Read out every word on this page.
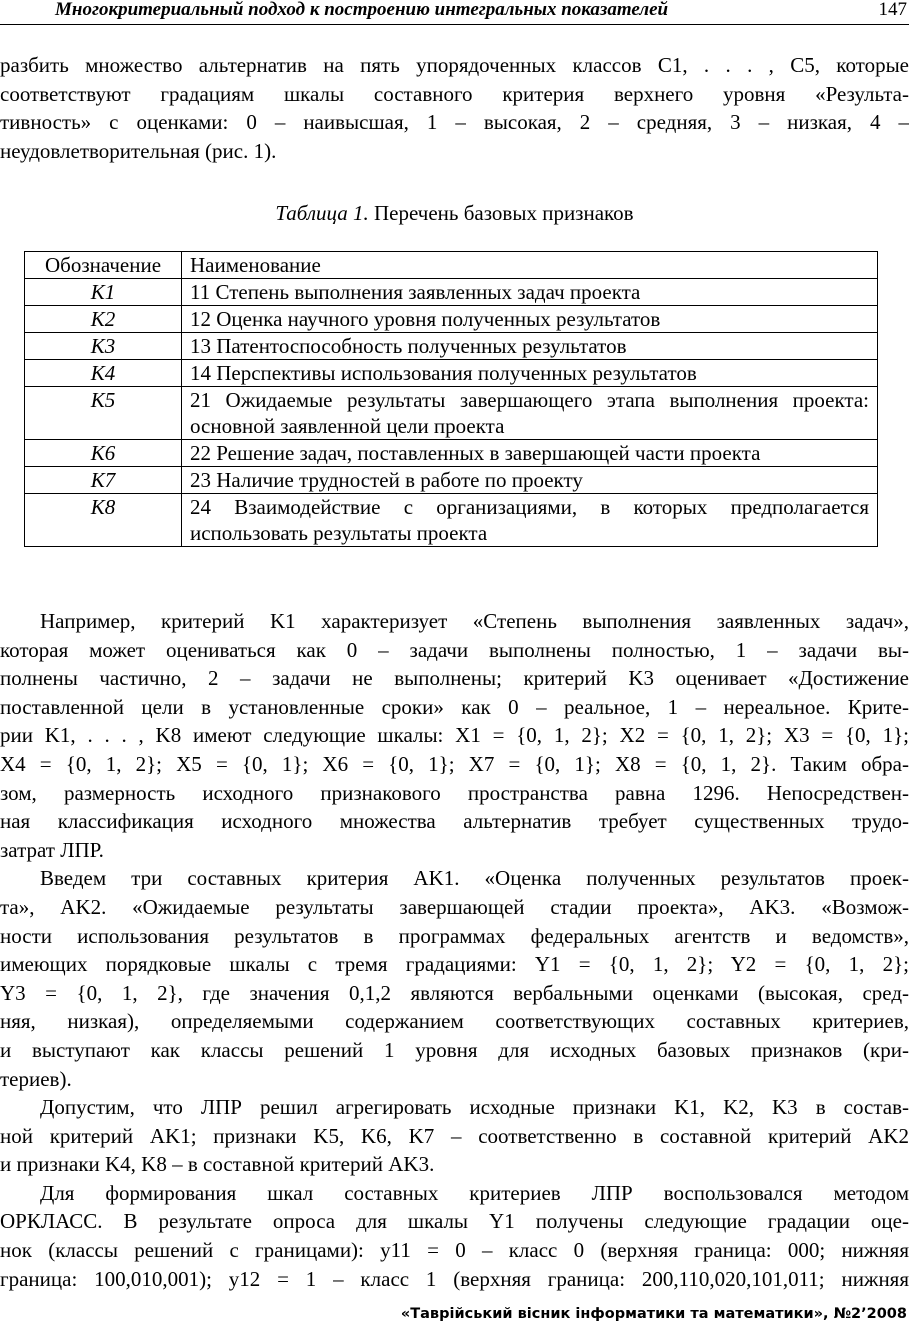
Многокритериальный подход к построению интегральных показателей	147
разбить множество альтернатив на пять упорядоченных классов C1, . . . , C5, которые
соответствуют градациям шкалы составного критерия верхнего уровня «Результа-
тивность» с оценками: 0 – наивысшая, 1 – высокая, 2 – средняя, 3 – низкая, 4 –
неудовлетворительная (рис. 1).
Таблица 1. Перечень базовых признаков
Обозначение	Наименование
K1	11 Степень выполнения заявленных задач проекта
K2	12 Оценка научного уровня полученных результатов
K3	13 Патентоспособность полученных результатов
K4	14 Перспективы использования полученных результатов
K5	21 Ожидаемые результаты завершающего этапа выполнения проекта: основной заявленной цели проекта
K6	22 Решение задач, поставленных в завершающей части проекта
K7	23 Наличие трудностей в работе по проекту
K8	24 Взаимодействие с организациями, в которых предполагается использовать результаты проекта
Например, критерий K1 характеризует «Степень выполнения заявленных задач»,
которая может оцениваться как 0 – задачи выполнены полностью, 1 – задачи вы-
полнены частично, 2 – задачи не выполнены; критерий K3 оценивает «Достижение
поставленной цели в установленные сроки» как 0 – реальное, 1 – нереальное. Крите-
рии K1, . . . , K8 имеют следующие шкалы: X1 = {0, 1, 2}; X2 = {0, 1, 2}; X3 = {0, 1};
X4 = {0, 1, 2}; X5 = {0, 1}; X6 = {0, 1}; X7 = {0, 1}; X8 = {0, 1, 2}. Таким обра-
зом, размерность исходного признакового пространства равна 1296. Непосредствен-
ная классификация исходного множества альтернатив требует существенных трудо-
затрат ЛПР.
Введем три составных критерия AK1. «Оценка полученных результатов проек-
та», AK2. «Ожидаемые результаты завершающей стадии проекта», AK3. «Возмож-
ности использования результатов в программах федеральных агентств и ведомств»,
имеющих порядковые шкалы с тремя градациями: Y1 = {0, 1, 2}; Y2 = {0, 1, 2};
Y3 = {0, 1, 2}, где значения 0,1,2 являются вербальными оценками (высокая, сред-
няя, низкая), определяемыми содержанием соответствующих составных критериев,
и выступают как классы решений 1 уровня для исходных базовых признаков (кри-
териев).
Допустим, что ЛПР решил агрегировать исходные признаки K1, K2, K3 в состав-
ной критерий AK1; признаки K5, K6, K7 – соответственно в составной критерий AK2
и признаки K4, K8 – в составной критерий AK3.
Для формирования шкал составных критериев ЛПР воспользовался методом
ОРКЛАСС. В результате опроса для шкалы Y1 получены следующие градации оце-
нок (классы решений с границами): y11 = 0 – класс 0 (верхняя граница: 000; нижняя
граница: 100,010,001); y12 = 1 – класс 1 (верхняя граница: 200,110,020,101,011; нижняя
«Таврійський вісник інформатики та математики», №2’2008
